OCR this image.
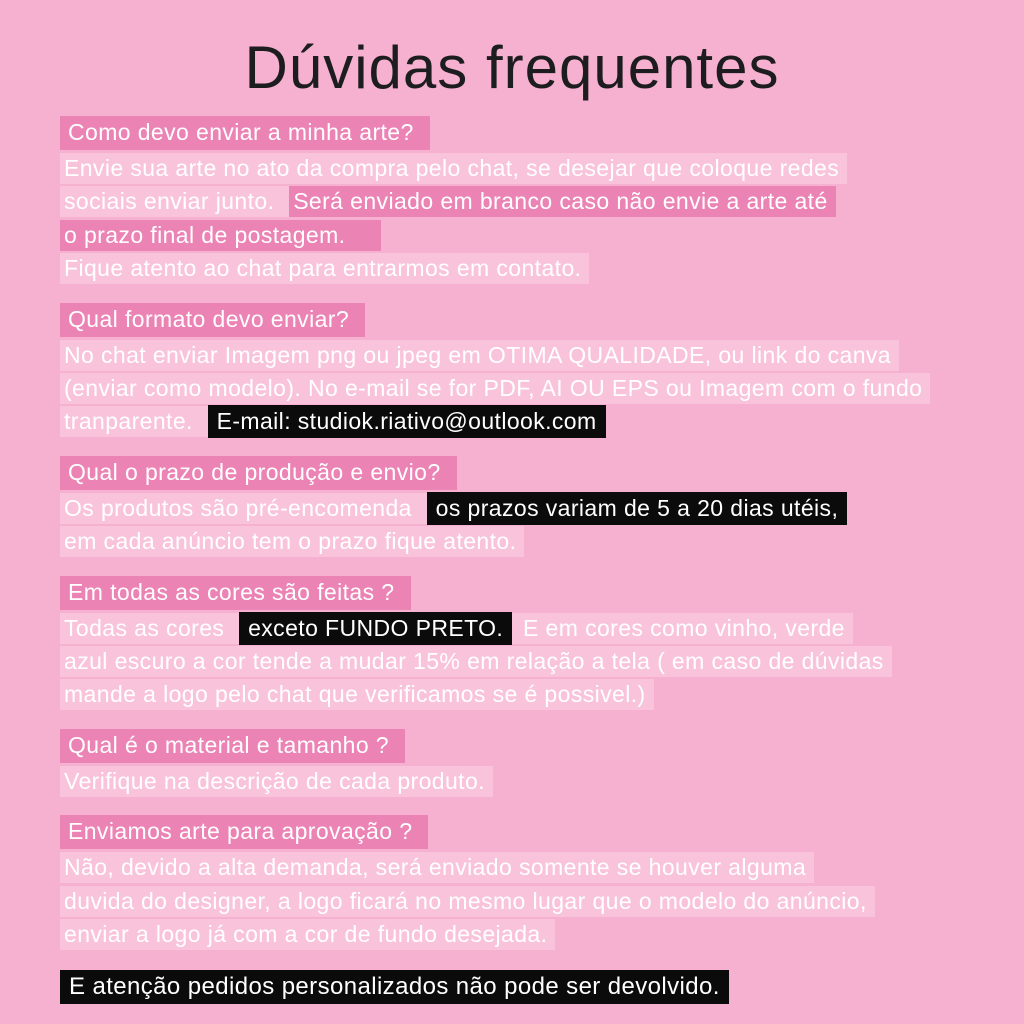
Dúvidas frequentes
Como devo enviar a minha arte?
Envie sua arte no ato da compra pelo chat, se desejar que coloque redes
sociais enviar junto. Será enviado em branco caso não envie a arte até
o prazo final de postagem.
Fique atento ao chat para entrarmos em contato.
Qual formato devo enviar?
No chat enviar Imagem png ou jpeg em OTIMA QUALIDADE, ou link do canva
(enviar como modelo). No e-mail se for PDF, AI OU EPS ou Imagem com o fundo
tranparente. E-mail: studiok.riativo@outlook.com
Qual o prazo de produção e envio?
Os produtos são pré-encomenda os prazos variam de 5 a 20 dias utéis,
em cada anúncio tem o prazo fique atento.
Em todas as cores são feitas ?
Todas as cores exceto FUNDO PRETO. E em cores como vinho, verde
azul escuro a cor tende a mudar 15% em relação a tela ( em caso de dúvidas
mande a logo pelo chat que verificamos se é possivel.)
Qual é o material e tamanho ?
Verifique na descrição de cada produto.
Enviamos arte para aprovação ?
Não, devido a alta demanda, será enviado somente se houver alguma
duvida do designer, a logo ficará no mesmo lugar que o modelo do anúncio,
enviar a logo já com a cor de fundo desejada.
E atenção pedidos personalizados não pode ser devolvido.
